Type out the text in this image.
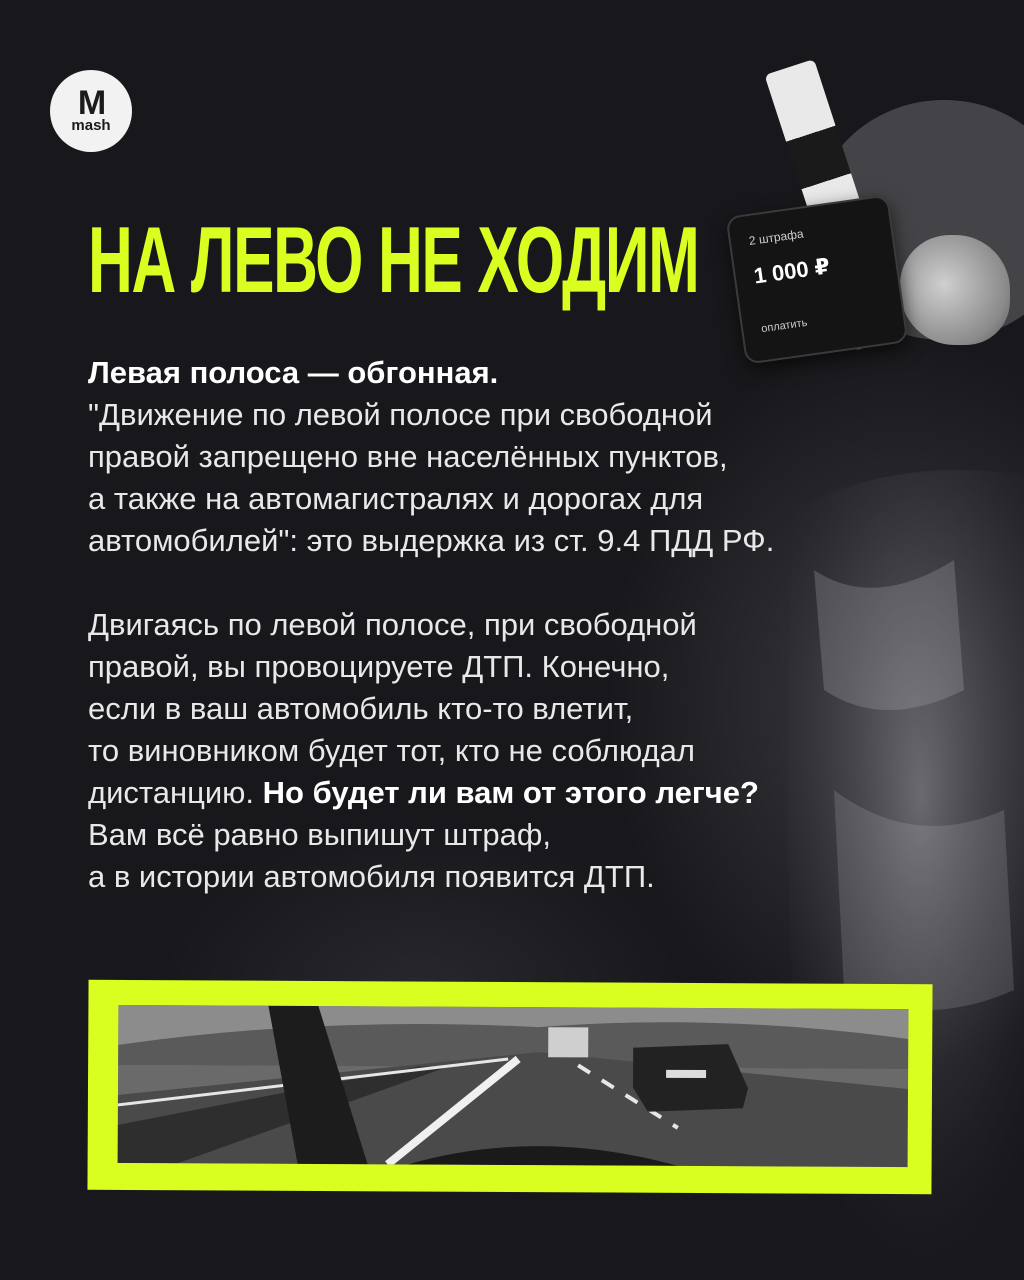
M
mash
НА ЛЕВО НЕ ХОДИМ	2 штрафа
1 000 ₽
оплатить

Левая полоса — обгонная.

"Движение по левой полосе при свободной

правой запрещено вне населённых пунктов,

а также на автомагистралях и дорогах для

автомобилей": это выдержка из ст. 9.4 ПДД РФ.

Двигаясь по левой полосе, при свободной

правой, вы провоцируете ДТП. Конечно,

если в ваш автомобиль кто-то влетит,

то виновником будет тот, кто не соблюдал

дистанцию. Но будет ли вам от этого легче?

Вам всё равно выпишут штраф,

а в истории автомобиля появится ДТП.
